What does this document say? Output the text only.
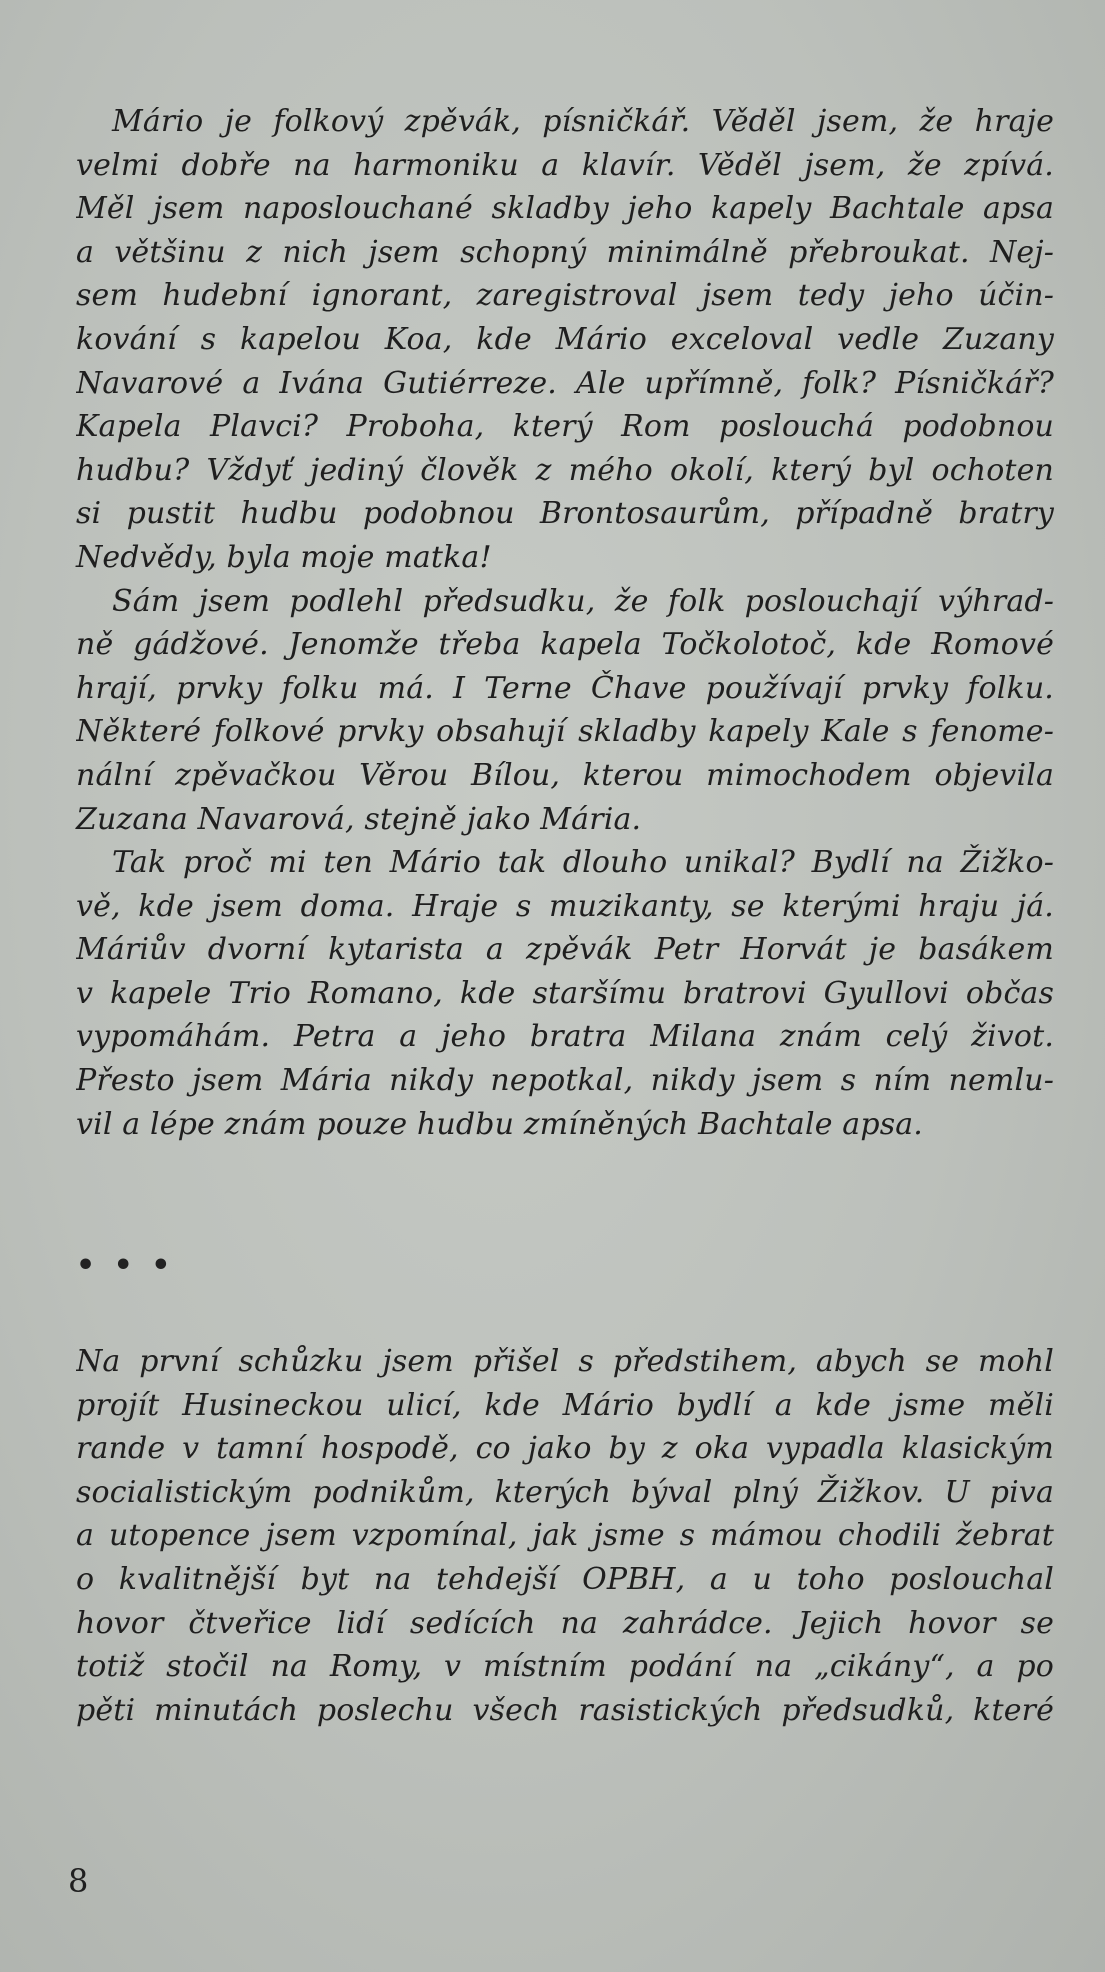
Mário je folkový zpěvák, písničkář. Věděl jsem, že hraje
velmi dobře na harmoniku a klavír. Věděl jsem, že zpívá.
Měl jsem naposlouchané skladby jeho kapely Bachtale apsa
a většinu z nich jsem schopný minimálně přebroukat. Nej-
sem hudební ignorant, zaregistroval jsem tedy jeho účin-
kování s kapelou Koa, kde Mário exceloval vedle Zuzany
Navarové a Ivána Gutiérreze. Ale upřímně, folk? Písničkář?
Kapela Plavci? Proboha, který Rom poslouchá podobnou
hudbu? Vždyť jediný člověk z mého okolí, který byl ochoten
si pustit hudbu podobnou Brontosaurům, případně bratry
Nedvědy, byla moje matka!
Sám jsem podlehl předsudku, že folk poslouchají výhrad-
ně gádžové. Jenomže třeba kapela Točkolotoč, kde Romové
hrají, prvky folku má. I Terne Čhave používají prvky folku.
Některé folkové prvky obsahují skladby kapely Kale s fenome-
nální zpěvačkou Věrou Bílou, kterou mimochodem objevila
Zuzana Navarová, stejně jako Mária.
Tak proč mi ten Mário tak dlouho unikal? Bydlí na Žižko-
vě, kde jsem doma. Hraje s muzikanty, se kterými hraju já.
Máriův dvorní kytarista a zpěvák Petr Horvát je basákem
v kapele Trio Romano, kde staršímu bratrovi Gyullovi občas
vypomáhám. Petra a jeho bratra Milana znám celý život.
Přesto jsem Mária nikdy nepotkal, nikdy jsem s ním nemlu-
vil a lépe znám pouze hudbu zmíněných Bachtale apsa.
• • •
Na první schůzku jsem přišel s předstihem, abych se mohl
projít Husineckou ulicí, kde Mário bydlí a kde jsme měli
rande v tamní hospodě, co jako by z oka vypadla klasickým
socialistickým podnikům, kterých býval plný Žižkov. U piva
a utopence jsem vzpomínal, jak jsme s mámou chodili žebrat
o kvalitnější byt na tehdejší OPBH, a u toho poslouchal
hovor čtveřice lidí sedících na zahrádce. Jejich hovor se
totiž stočil na Romy, v místním podání na „cikány“, a po
pěti minutách poslechu všech rasistických předsudků, které
8
